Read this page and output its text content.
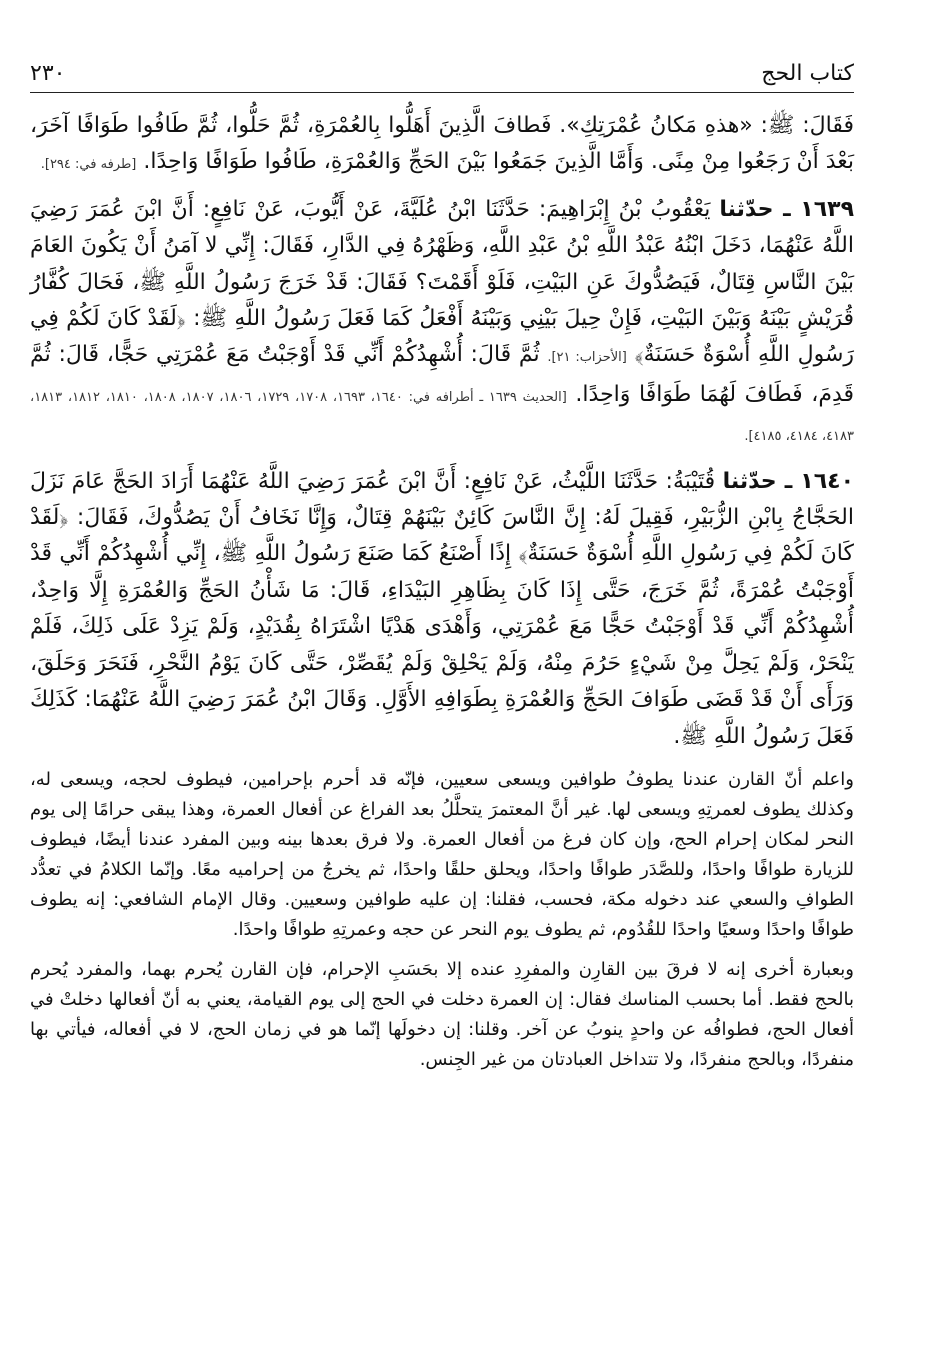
٢٣٠	كتاب الحج

فَقَالَ: ﷺ: «هذهِ مَكانُ عُمْرَتِكِ». فَطافَ الَّذِينَ أَهَلُّوا بِالعُمْرَةِ، ثُمَّ حَلُّوا، ثُمَّ طَافُوا طَوَافًا آخَرَ، بَعْدَ أَنْ رَجَعُوا مِنْ مِنًى. وَأَمَّا الَّذِينَ جَمَعُوا بَيْنَ الحَجِّ وَالعُمْرَةِ، طَافُوا طَوَافًا وَاحِدًا. [طرفه في: ٢٩٤].

١٦٣٩ ـ حدّثنا يَعْقُوبُ بْنُ إِبْرَاهِيمَ: حَدَّثَنَا ابْنُ عُلَيَّةَ، عَنْ أَيُّوبَ، عَنْ نَافِعٍ: أَنَّ ابْنَ عُمَرَ رَضِيَ اللَّهُ عَنْهُمَا، دَخَلَ ابْنُهُ عَبْدُ اللَّهِ بْنُ عَبْدِ اللَّهِ، وَظَهْرُهُ فِي الدَّارِ، فَقَالَ: إِنِّي لا آمَنُ أَنْ يَكُونَ العَامَ بَيْنَ النَّاسِ قِتَالٌ، فَيَصُدُّوكَ عَنِ البَيْتِ، فَلَوْ أَقَمْتَ؟ فَقَالَ: قَدْ خَرَجَ رَسُولُ اللَّهِ ﷺ، فَحَالَ كُفَّارُ قُرَيْشٍ بَيْنَهُ وَبَيْنَ البَيْتِ، فَإِنْ حِيلَ بَيْنِي وَبَيْنَهُ أَفْعَلُ كَمَا فَعَلَ رَسُولُ اللَّهِ ﷺ: ﴿لَقَدْ كَانَ لَكُمْ فِي رَسُولِ اللَّهِ أُسْوَةٌ حَسَنَةٌ﴾ [الأحزاب: ٢١]. ثُمَّ قَالَ: أُشْهِدُكُمْ أَنِّي قَدْ أَوْجَبْتُ مَعَ عُمْرَتِي حَجًّا، قَالَ: ثُمَّ قَدِمَ، فَطَافَ لَهُمَا طَوَافًا وَاحِدًا. [الحديث ١٦٣٩ ـ أطرافه في: ١٦٤٠، ١٦٩٣، ١٧٠٨، ١٧٢٩، ١٨٠٦، ١٨٠٧، ١٨٠٨، ١٨١٠، ١٨١٢، ١٨١٣، ٤١٨٣، ٤١٨٤، ٤١٨٥].

١٦٤٠ ـ حدّثنا قُتَيْبَةُ: حَدَّثَنَا اللَّيْثُ، عَنْ نَافِعٍ: أَنَّ ابْنَ عُمَرَ رَضِيَ اللَّهُ عَنْهُمَا أَرَادَ الحَجَّ عَامَ نَزَلَ الحَجَّاجُ بِابْنِ الزُّبَيْرِ، فَقِيلَ لَهُ: إِنَّ النَّاسَ كَائِنٌ بَيْنَهُمْ قِتَالٌ، وَإِنَّا نَخَافُ أَنْ يَصُدُّوكَ، فَقَالَ: ﴿لَقَدْ كَانَ لَكُمْ فِي رَسُولِ اللَّهِ أُسْوَةٌ حَسَنَةٌ﴾ إِذًا أَصْنَعُ كَمَا صَنَعَ رَسُولُ اللَّهِ ﷺ، إِنِّي أُشْهِدُكُمْ أَنِّي قَدْ أَوْجَبْتُ عُمْرَةً، ثُمَّ خَرَجَ، حَتَّى إِذَا كَانَ بِظَاهِرِ البَيْدَاءِ، قَالَ: مَا شَأْنُ الحَجِّ وَالعُمْرَةِ إِلَّا وَاحِدٌ، أُشْهِدُكُمْ أَنِّي قَدْ أَوْجَبْتُ حَجًّا مَعَ عُمْرَتِي، وَأَهْدَى هَدْيًا اشْتَرَاهُ بِقُدَيْدٍ، وَلَمْ يَزِدْ عَلَى ذَلِكَ، فَلَمْ يَنْحَرْ، وَلَمْ يَحِلَّ مِنْ شَيْءٍ حَرُمَ مِنْهُ، وَلَمْ يَحْلِقْ وَلَمْ يُقَصِّرْ، حَتَّى كَانَ يَوْمُ النَّحْرِ، فَنَحَرَ وَحَلَقَ، وَرَأَى أَنْ قَدْ قَضَى طَوَافَ الحَجِّ وَالعُمْرَةِ بِطَوَافِهِ الأَوَّلِ. وَقَالَ ابْنُ عُمَرَ رَضِيَ اللَّهُ عَنْهُمَا: كَذَلِكَ فَعَلَ رَسُولُ اللَّهِ ﷺ.

واعلم أنّ القارن عندنا يطوفُ طوافين ويسعى سعيين، فإنّه قد أحرم بإحرامين، فيطوف لحجه، ويسعى له، وكذلك يطوف لعمرتِهِ ويسعى لها. غير أنَّ المعتمرَ يتحلَّلُ بعد الفراغ عن أفعال العمرة، وهذا يبقى حرامًا إلى يوم النحر لمكان إحرام الحج، وإن كان فرغ من أفعال العمرة. ولا فرق بعدها بينه وبين المفرد عندنا أيضًا، فيطوف للزيارة طوافًا واحدًا، وللصَّدَر طوافًا واحدًا، ويحلق حلقًا واحدًا، ثم يخرجُ من إحراميه معًا. وإنّما الكلامُ في تعدُّد الطوافِ والسعي عند دخوله مكة، فحسب، فقلنا: إن عليه طوافين وسعيين. وقال الإمام الشافعي: إنه يطوف طوافًا واحدًا وسعيًا واحدًا للقُدُوم، ثم يطوف يوم النحر عن حجه وعمرتِهِ طوافًا واحدًا.

وبعبارة أخرى إنه لا فرقَ بين القارِن والمفرِدِ عنده إلا بحَسَبِ الإحرام، فإن القارن يُحرم بهما، والمفرد يُحرم بالحج فقط. أما بحسب المناسك فقال: إن العمرة دخلت في الحج إلى يوم القيامة، يعني به أنّ أفعالها دخلتْ في أفعال الحج، فطوافُه عن واحدٍ ينوبُ عن آخر. وقلنا: إن دخولَها إنّما هو في زمان الحج، لا في أفعاله، فيأتي بها منفردًا، وبالحج منفردًا، ولا تتداخل العبادتان من غير الجِنس.
